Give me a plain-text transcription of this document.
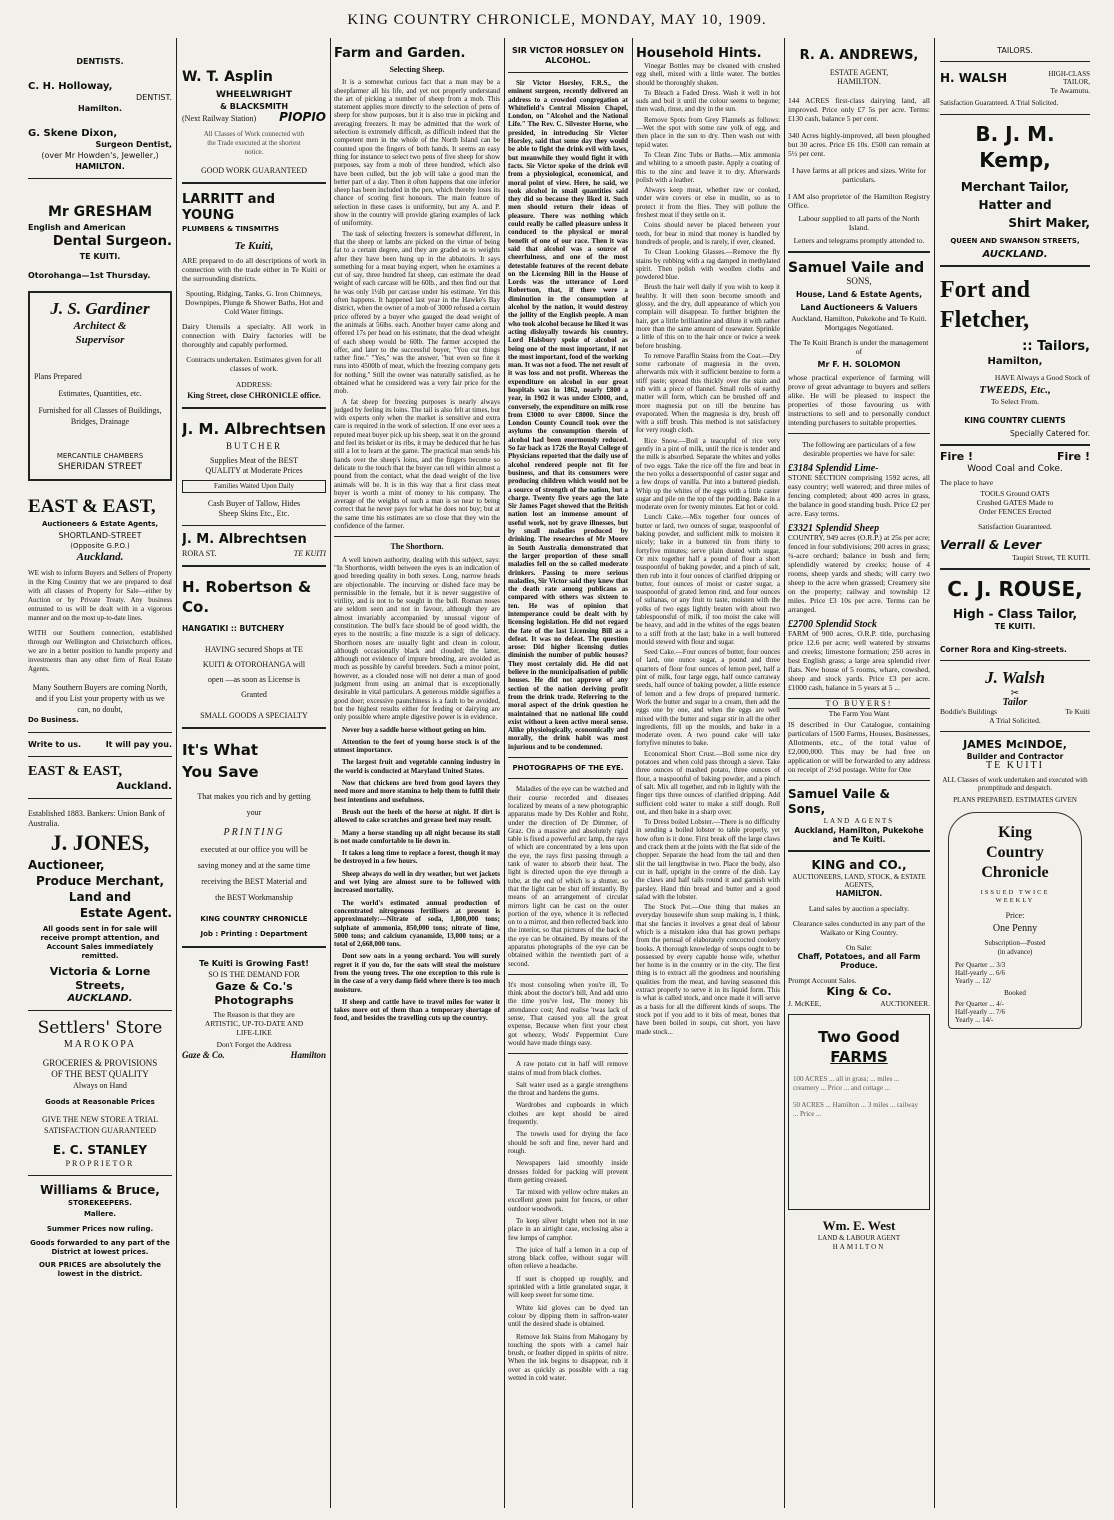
KING COUNTRY CHRONICLE, MONDAY, MAY 10, 1909.
DENTISTS.
C. H. Holloway,
DENTIST.
Hamilton.
G. Skene Dixon,
Surgeon Dentist,
(over Mr Howden's, Jeweller,)
HAMILTON.
Mr GRESHAM
English and American
Dental Surgeon.
TE KUITI.
Otorohanga—1st Thursday.
J. S. Gardiner
Architect & Supervisor
Plans Prepared
Estimates, Quantities, etc.
Furnished for all Classes of Buildings, Bridges, Drainage
MERCANTILE CHAMBERS
SHERIDAN STREET
EAST & EAST,
Auctioneers & Estate Agents,
SHORTLAND-STREET
(Opposite G.P.O.)
Auckland.
WE wish to inform Buyers and Sellers of Property in the King Country that we are prepared to deal with all classes of Property for Sale—either by Auction or by Private Treaty. Any business entrusted to us will be dealt with in a vigorous manner and on the most up-to-date lines.
WITH our Southern connection, established through our Wellington and Christchurch offices, we are in a better position to handle property and investments than any other firm of Real Estate Agents.
Many Southern Buyers are coming North, and if you List your property with us we can, no doubt,
Do Business.
Write to us.	It will pay you.
EAST & EAST,
Auckland.
Established 1883. Bankers: Union Bank of Australia.
J. JONES,
Auctioneer,
Produce Merchant,
Land and
Estate Agent.
All goods sent in for sale will receive prompt attention, and Account Sales immediately remitted.
Victoria & Lorne Streets,
AUCKLAND.
Settlers' Store
MAROKOPA
GROCERIES & PROVISIONS
OF THE BEST QUALITY
Always on Hand
Goods at Reasonable Prices
GIVE THE NEW STORE A TRIAL
SATISFACTION GUARANTEED
E. C. STANLEY
PROPRIETOR
Williams & Bruce,
STOREKEEPERS.
Mallere.
Summer Prices now ruling.
Goods forwarded to any part of the District at lowest prices.
OUR PRICES are absolutely the lowest in the district.
W. T. Asplin
WHEELWRIGHT
& BLACKSMITH
(Next Railway Station) PIOPIO
All Classes of Work connected with the Trade executed at the shortest notice.
GOOD WORK GUARANTEED
LARRITT and YOUNG
PLUMBERS & TINSMITHS
Te Kuiti,
ARE prepared to do all descriptions of work in connection with the trade either in Te Kuiti or the surrounding districts.
Spouting, Ridging, Tanks, G. Iron Chimneys, Downpipes, Plunge & Shower Baths, Hot and Cold Water fittings.
Dairy Utensils a specialty. All work in connection with Dairy factories will be thoroughly and capably performed.
Contracts undertaken. Estimates given for all classes of work.
ADDRESS:
King Street, close CHRONICLE office.
J. M. Albrechtsen
BUTCHER
Supplies Meat of the BEST QUALITY at Moderate Prices
Families Waited Upon Daily
Cash Buyer of Tallow, Hides Sheep Skins Etc., Etc.
J. M. Albrechtsen
RORA ST.	TE KUITI
H. Robertson & Co.
HANGATIKI :: BUTCHERY
HAVING secured Shops at TE KUITI & OTOROHANGA will open —as soon as License is Granted
SMALL GOODS A SPECIALTY
It's What
You Save
That makes you rich and by getting your
PRINTING
executed at our office you will be saving money and at the same time receiving the BEST Material and the BEST Workmanship
KING COUNTRY CHRONICLE
Job : Printing : Department
Te Kuiti is Growing Fast!
SO IS THE DEMAND FOR
Gaze & Co.'s Photographs
The Reason is that they are ARTISTIC, UP-TO-DATE AND LIFE-LIKE
Don't Forget the Address
Gaze & Co.	Hamilton
Farm and Garden.
Selecting Sheep.

It is a somewhat curious fact that a man may be a sheepfarmer all his life, and yet not properly understand the art of picking a number of sheep from a mob. This statement applies more directly to the selection of pens of sheep for show purposes, but it is also true in picking and averaging freezers. It may be admitted that the work of selection is extremely difficult, as difficult indeed that the competent men in the whole of the North Island can be counted upon the fingers of both hands. It seems an easy thing for instance to select two pens of five sheep for show purposes, say from a mob of three hundred, which also have been culled, but the job will take a good man the better part of a day. Then it often happens that one inferior sheep has been included in the pen, which thereby loses its chance of scoring first honours. The main feature of selection in these cases is uniformity, but any A. and P. show in the country will provide glaring examples of lack of uniformity.

The task of selecting freezers is somewhat different, in that the sheep or lambs are picked on the virtue of being fat to a certain degree, and they are graded as to weights after they have been hung up in the abbatoirs. It says something for a meat buying expert, when he examines a cut of say, three hundred fat sheep, can estimate the dead weight of each carcase will be 60lb., and then find out that he was only 1½lb per carcase under his estimate. Yet this often happens. It happened last year in the Hawke's Bay district, when the owner of a mob of 3000 refused a certain price offered by a buyer who gauged the dead weight of the animals at 56lbs. each. Another buyer came along and offered 17s per head on his estimate, that the dead wheight of each sheep would be 60lb. The farmer accepted the offer, and later to the successful buyer, "You cut things rather fine." "Yes," was the answer, "but even so fine it runs into 4500lb of meat, which the freezing company gets for nothing." Still the owner was naturally satisfied, as he obtained what he considered was a very fair price for the mob.

A fat sheep for freezing purposes is nearly always judged by feeling its loins. The tail is also felt at times, but with experts only when the market is sensitive and extra care is required in the work of selection. If one ever sees a reputed meat buyer pick up his sheep, seat it on the ground and feel its brisket or its ribs, it may be deduced that he has still a lot to learn at the game. The practical man sends his hands over the sheep's loins, and the fingers become so delicate to the touch that the buyer can tell within almost a pound from the contact, what the dead weight of the live animals will be. It is in this way that a first class meat buyer is worth a mint of money to his company. The average of the weights of such a man is so near to being correct that he never pays for what he does not buy; but at the same time his estimates are so close that they win the confidence of the farmer.

The Shorthorn.

A well known authority, dealing with this subject, says: "In Shorthorns, width between the eyes is an indication of good breeding quality in both sexes. Long, narrow heads are objectionable. The incurving or dished face may be permissible in the female, but it is never suggestive of virility, and is not to be sought in the bull. Roman noses are seldom seen and not in favour, although they are almost invariably accompanied by unusual vigour of constitution. The bull's face should be of good width, the eyes to the nostrils; a fine muzzle is a sign of delicacy. Shorthorn noses are usually light and clean in colour, although occasionally black and clouded; the latter, although not evidence of impure breeding, are avoided as much as possible by careful breeders. Such a minor point, however, as a clouded nose will not deter a man of good judgment from using an animal that is exceptionally desirable in vital particulars. A generous middle signifies a good doer; excessive paunchiness is a fault to be avoided, but the highest results either for feeding or dairying are only possible where ample digestive power is in evidence.

Never buy a saddle horse without geting on him.

Attention to the feet of young horse stock is of the utmost importance.

The largest fruit and vegetable canning industry in the world is conducted at Maryland United States.

Now that chickens are bred from good layers they need more and more stamina to help them to fulfil their best intentions and usefulness.

Brush out the heels of the horse at night. If dirt is allowed to cake scratches and grease heel may result.

Many a horse standing up all night because its stall is not made comfortable to lie down in.

It takes a long time to replace a forest, though it may be destroyed in a few hours.

Sheep always do well in dry weather, but wet jackets and wet lying are almost sure to be followed with increased mortality.

The world's estimated annual production of concentrated nitrogenous fertilisers at present is approximately:—Nitrate of soda, 1,800,000 tons; sulphate of ammonia, 850,000 tons; nitrate of lime, 5000 tons; and calcium cyanamide, 13,000 tons; or a total of 2,668,000 tons.

Dont sow oats in a young orchard. You will surely regret it if you do, for the oats will steal the moisture from the young trees. The one exception to this rule is in the case of a very damp field where there is too much moisture.

If sheep and cattle have to travel miles for water it takes more out of them than a temporary shortage of food, and besides the travelling cuts up the country.

SIR VICTOR HORSLEY ON ALCOHOL.

Sir Victor Horsley, F.R.S., the eminent surgeon, recently delivered an address to a crowded congregation at Whitefield's Central Mission Chapel, London, on "Alcohol and the National Life." The Rev. C. Silvester Horne, who presided, in introducing Sir Victor Horsley, said that some day they would be able to fight the drink evil with laws, but meanwhile they would fight it with facts. Sir Victor spoke of the drink evil from a physiological, economical, and moral point of view. Here, he said, we took alcohol in small quantities said they did so because they liked it. Such men should return their ideas of pleasure. There was nothing which could really be called pleasure unless it conduced to the physical or moral benefit of one of our race. Then it was said that alcohol was a source of cheerfulness, and one of the most detestable features of the recent debate on the Licensing Bill in the House of Lords was the utterance of Lord Robertson, that, if there were a diminution in the consumption of alcohol by the nation, it would destroy the jollity of the English people. A man who took alcohol because he liked it was acting disloyally towards his country. Lord Halsbury spoke of alcohol as being one of the most important, if not the most important, food of the working man. It was not a food. The net result of it was loss and not profit. Whereas the expenditure on alcohol in our great hospitals was in 1862, nearly £800 a year, in 1902 it was under £3000, and, conversely, the expenditure on milk rose from £3000 to over £8000. Since the London County Council took over the asylums the consumption therein of alcohol had been enormously reduced. So far back as 1726 the Royal College of Physicians reported that the daily use of alcohol rendered people not fit for business, and that its consumers were producing children which would not be a source of strength of the nation, but a charge. Twenty five years ago the late Sir James Paget showed that the British nation lost an immense amount of useful work, not by grave illnesses, but by small maladies produced by drinking. The researches of Mr Moore in South Australia demonstrated that the larger proportion of these small maladies fell on the so called moderate drinkers. Passing to more serious maladies, Sir Victor said they knew that the death rate among publicans as compared with others was sixteen to ten. He was of opinion that intemperance could be dealt with by licensing legislation. He did not regard the fate of the last Licensing Bill as a defeat. It was no defeat. The question arose: Did higher licensing duties diminish the number of public houses? They most certainly did. He did not believe in the municipalisation of public houses. He did not approve of any section of the nation deriving profit from the drink trade. Referring to the moral aspect of the drink question he maintained that no national life could exist without a keen active moral sense. Alike physiologically, economically and morally, the drink habit was most injurious and to be condemned.

PHOTOGRAPHS OF THE EYE.

Maladies of the eye can be watched and their course recorded and diseases localized by means of a new photographic apparatus made by Drs Kohler and Rohr, under the direction of Dr Dimmer, of Graz. On a massive and absolutely rigid table is fixed a powerful arc lamp, the rays of which are concentrated by a lens upon the eye, the rays first passing through a tank of water to absorb their heat. The light is directed upon the eye through a tube, at the end of which is a shutter, so that the light can be shut off instantly. By means of an arrangement of circular mirrors light can be cast on the outer portion of the eye, whence it is reflected on to a mirror, and then reflected back into the interior, so that pictures of the back of the eye can be obtained. By means of the apparatus photographs of the eye can be obtained within the twentieth part of a second.

It's most consoling when you're ill, To think about the doctor's bill, And add unto the time you've lost, The money his attendance cost; And realise 'twas lack of sense, That caused you all the great expense, Because when first your chest got wheezy, Wods' Peppermint Cure would have made things easy.

A raw potato cut in half will remove stains of mud from black clothes.

Salt water used as a gargle strengthens the throat and hardens the gums.

Wardrobes and cupboards in which clothes are kept should be aired frequently.

The towels used for drying the face should be soft and fine, never hard and rough.

Newspapers laid smoothly inside dresses folded for packing will prevent them getting creased.

Tar mixed with yellow ochre makes an excellent green paint for fences, or other outdoor woodwork.

To keep silver bright when not in use place in an airtight case, enclosing also a few lumps of camphor.

The juice of half a lemon in a cup of strong black coffee, without sugar will often relieve a headache.

If suet is chopped up roughly, and sprinkled with a little granulated sugar, it will keep sweet for some time.

White kid gloves can be dyed tan colour by dipping them in saffron-water until the desired shade is obtained.

Remove Ink Stains from Mahogany by touching the spots with a camel hair brush, or feather dipped in spirits of nitre. When the ink begins to disappear, rub it over as quickly as possible with a rag wetted in cold water.

Household Hints.

Vinegar Bottles may be cleaned with crushed egg shell, mixed with a little water. The bottles should be thoroughly shaken.

To Bleach a Faded Dress. Wash it well in hot suds and boil it until the colour seems to begone; then wash, rinse, and dry in the sun.

Remove Spots from Grey Flannels as follows:—Wet the spot with some raw yolk of egg, and then place in the sun to dry. Then wash out with tepid water.

To Clean Zinc Tubs or Baths.—Mix ammonia and whiting to a smooth paste. Apply a coating of this to the zinc and leave it to dry. Afterwards polish with a leather.

Always keep meat, whether raw or cooked, under wire covers or else in muslin, so as to protect it from the flies. They will pollute the freshest meat if they settle on it.

Coins should never be placed between your teeth, for bear in mind that money is handled by hundreds of people, and is rarely, if ever, cleaned.

To Clean Looking Glasses.—Remove the fly stains by rubbing with a rag damped in methylated spirit. Then polish with woollen cloths and powdered blue.

Brush the hair well daily if you wish to keep it healthy. It will then soon become smooth and glossy, and the dry, dull appearance of which you complain will disappear. To further brighten the hair, get a little brilliantine and dilute it with rather more than the same amount of rosewater. Sprinkle a little of this on to the hair once or twice a week before brushing.

To remove Paraffin Stains from the Coat.—Dry some carbonate of magnesia in the oven, afterwards mix with it sufficient benzine to form a stiff paste; spread this thickly over the stain and rub with a piece of flannel. Small rolls of earthy matter will form, which can be brushed off and more magnesia put on till the benzine has evaporated. When the magnesia is dry, brush off with a stiff brush. This method is not satisfactory for very rough cloth.

Rice Snow.—Boil a teacupful of rice very gently in a pint of milk, until the rice is tender and the milk is absorbed. Separate the whites and yolks of two eggs. Take the rice off the fire and beat in the two yolks a dessertspoonful of caster sugar and a few drops of vanilla. Put into a buttered piedish. Whip up the whites of the eggs with a little caster sugar and pile on the top of the pudding. Bake in a moderate oven for twenty minutes. Eat hot or cold.

Lunch Cake.—Mix together four ounces of butter or lard, two ounces of sugar, teaspoonful of baking powder, and sufficient milk to moisten it nicely; bake in a buttered tin from thirty to fortyfive minutes; serve plain dusted with sugar, Or mix together half a pound of flour a short teaspoonful of baking powder, and a pinch of salt, then rub into it four ounces of clarified dripping or butter, four ounces of moist or caster sugar, a teaspoonful of grated lemon rind, and four ounces of sultanas, or any fruit to taste, moisten with the yolks of two eggs lightly beaten with about two tablespoonsful of milk, if too moist the cake will be heavy, and add in the whites of the eggs beaten to a stiff froth at the last; bake in a well buttered mould stewed with flour and sugar.

Seed Cake.—Four ounces of butter, four ounces of lard, one ounce sugar, a pound and three quarters of flour four ounces of lemon peel, half a pint of milk, four large eggs, half ounce carraway seeds, half ounce of baking powder, a little essence of lemon and a few drops of prepared turmeric. Work the butter and sugar to a cream, then add the eggs one by one, and when the eggs are well mixed with the butter and sugar stir in all the other ingredients, fill up the moulds, and bake in a moderate oven. A two pound cake will take fortyfive minutes to bake.

Economical Short Crust.—Boil some nice dry potatoes and when cold pass through a sieve. Take three ounces of mashed potato, three ounces of flour, a teaspoonful of baking powder, and a pinch of salt. Mix all together, and rub in lightly with the finger tips three ounces of clarified dripping. Add sufficient cold water to make a stiff dough. Roll out, and then bake in a sharp over.

To Dress boiled Lobster.—There is no difficulty in sending a boiled lobster to table properly, yet how often is it done. First break off the large claws and crack them at the joints with the flat side of the chopper. Separate the head from the tail and then slit the tail lengthwise in two. Place the body, also cut in half, upright in the centre of the dish. Lay the claws and half tails round it and garnish with parsley. Hand thin bread and butter and a good salad with the lobster.

The Stock Pot.—One thing that makes an everyday housewife shun soup making is, I think, that she fancies it involves a great deal of labour which is a mistaken idea that has grown perhaps from the perusal of elaborately concocted cookery books. A thorough knowledge of soups ought to be possessed by every capable house wife, whether her home is in the country or in the city. The first thing is to extract all the goodness and nourishing qualities from the meat, and having seasoned this extract properly to serve it in its liquid form. This is what is called stock, and once made it will serve as a basis for all the different kinds of soups. The stock pot if you add to it bits of meat, bones that have been boiled in soups, cut short, you have made stock...

R. A. ANDREWS,
ESTATE AGENT,
HAMILTON.

144 ACRES first-class dairying land, all improved. Price only £7 5s per acre. Terms: £130 cash, balance 5 per cent.

340 Acres highly-improved, all been ploughed but 30 acres. Price £6 10s. £500 can remain at 5½ per cent.

I have farms at all prices and sizes. Write for particulars.

I AM also proprietor of the Hamilton Registry Office.

Labour supplied to all parts of the North Island.

Letters and telegrams promptly attended to.

Samuel Vaile and
SONS,
House, Land & Estate Agents,
Land Auctioneers & Valuers
Auckland, Hamilton, Pukekohe and Te Kuiti.
Mortgages Negotiated.
The Te Kuiti Branch is under the management of
Mr F. H. SOLOMON

whose practical experience of farming will prove of great advantage to buyers and sellers alike. He will be pleased to inspect the properties of those favouring us with instructions to sell and to personally conduct intending purchasers to suitable properties.

The following are particulars of a few desirable properties we have for sale:

£3184 Splendid Lime-

STONE SECTION comprising 1592 acres, all easy country; well watered; and three miles of fencing completed; about 400 acres in grass, the balance in good standing bush. Price £2 per acre. Easy terms.

£3321 Splendid Sheep

COUNTRY, 949 acres (O.R.P.) at 25s per acre; fenced in four subdivisions; 200 acres in grass; ¼-acre orchard; balance in bush and fern; splendidly watered by creeks; house of 4 rooms, sheep yards and sheds; will carry two sheep to the acre when grassed; Creamery site on the property; railway and township 12 miles. Price £3 10s per acre. Terms can be arranged.

£2700 Splendid Stock

FARM of 900 acres, O.R.P. title, purchasing price 12.6 per acre; well watered by streams and creeks; limestone formation; 250 acres in best English grass; a large area splendid river flats. New house of 5 rooms, whare, cowshed, sheep and stock yards. Price £3 per acre. £1000 cash, balance in 5 years at 5 ...

TO BUYERS!
The Farm You Want

IS described in Our Catalogue, containing particulars of 1500 Farms, Houses, Businesses, Allotments, etc., of the total value of £2,000,000. This may be had free on application or will be forwarded to any address on receipt of 2½d postage. Write for One

Samuel Vaile & Sons,
LAND AGENTS
Auckland, Hamilton, Pukekohe and Te Kuiti.
KING and CO.,
AUCTIONEERS, LAND, STOCK, & ESTATE AGENTS,
HAMILTON.
Land sales by auction a specialty.
Clearance sales conducted in any part of the Waikato or King Country.
On Sale:
Chaff, Potatoes, and all Farm Produce.
Prompt Account Sales.
King & Co.
J. McKEE,	AUCTIONEER.
Two Good
FARMS
100 ACRES ... all in grass; ... miles ... creamery ... Price ... and cottage ...
50 ACRES ... Hamilton ... 3 miles ... railway ... Price ...
Wm. E. West
LAND & LABOUR AGENT
HAMILTON
TAILORS.
H. WALSH	HIGH-CLASS TAILOR,
Te Awamutu.
Satisfaction Guaranteed. A Trial Solicited.
B. J. M. Kemp,
Merchant Tailor,
Hatter and
Shirt Maker,
QUEEN AND SWANSON STREETS,
AUCKLAND.
Fort and
Fletcher,
:: Tailors,
Hamilton,
HAVE Always a Good Stock of
TWEEDS, Etc.,
To Select From.
KING COUNTRY CLIENTS
Specially Catered for.
Fire !	Fire !
Wood Coal and Coke.
The place to have
TOOLS Ground OATS Crushed GATES Made to Order FENCES Erected
Satisfaction Guaranteed.
Verrall & Lever
Taupiri Street, TE KUITI.
C. J. ROUSE,
High - Class Tailor,
TE KUITI.
Corner Rora and King-streets.
J. Walsh
✂
Tailor
Boddie's Buildings	Te Kuiti
A Trial Solicited.
JAMES McINDOE,
Builder and Contractor
TE KUITI
ALL Classes of work undertaken and executed with promptitude and despatch.
PLANS PREPARED. ESTIMATES GIVEN
King
Country
Chronicle
ISSUED TWICE WEEKLY
Price:
One Penny
Subscription—Posted
(in advance)
Per Quarter ... 3/3
Half-yearly ... 6/6
Yearly ... 12/
Booked
Per Quarter ... 4/-
Half-yearly ... 7/6
Yearly ... 14/-
